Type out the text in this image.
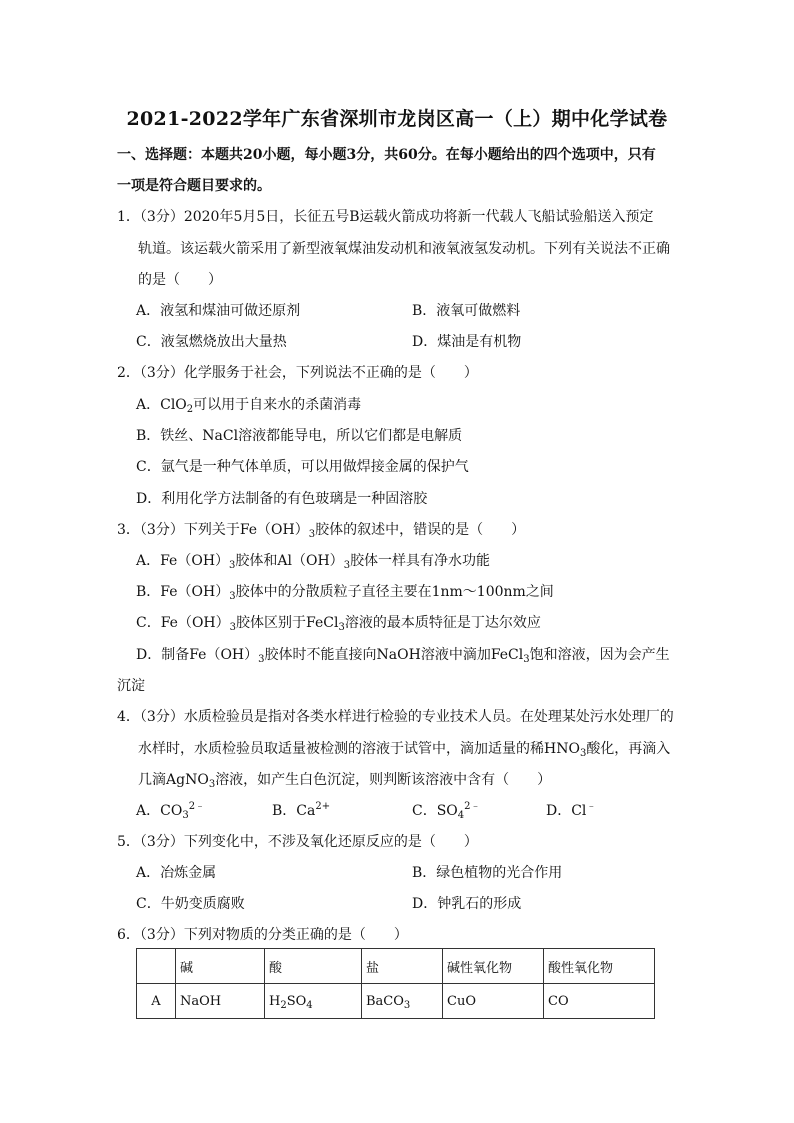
2021-2022学年广东省深圳市龙岗区高一（上）期中化学试卷
一、选择题：本题共20小题，每小题3分，共60分。在每小题给出的四个选项中，只有
一项是符合题目要求的。
1．（3分）2020年5月5日，长征五号B运载火箭成功将新一代载人飞船试验船送入预定
轨道。该运载火箭采用了新型液氧煤油发动机和液氧液氢发动机。下列有关说法不正确
的是（　　）
A．液氢和煤油可做还原剂	B．液氧可做燃料
C．液氢燃烧放出大量热	D．煤油是有机物
2．（3分）化学服务于社会，下列说法不正确的是（　　）
A．ClO$_2$可以用于自来水的杀菌消毒
B．铁丝、NaCl溶液都能导电，所以它们都是电解质
C．氩气是一种气体单质，可以用做焊接金属的保护气
D．利用化学方法制备的有色玻璃是一种固溶胶
3．（3分）下列关于$Fe(OH)_3$胶体的叙述中，错误的是（　　）
A．$Fe(OH)_3$胶体和$Al(OH)_3$胶体一样具有净水功能
B．$Fe(OH)_3$胶体中的分散质粒子直径主要在1nm～100nm之间
C．$Fe(OH)_3$胶体区别于FeCl$_3$溶液的最本质特征是丁达尔效应
D．制备$Fe(OH)_3$胶体时不能直接向NaOH溶液中滴加FeCl$_3$饱和溶液，因为会产生
沉淀
4．（3分）水质检验员是指对各类水样进行检验的专业技术人员。在处理某处污水处理厂的
水样时，水质检验员取适量被检测的溶液于试管中，滴加适量的稀$HNO_3$酸化，再滴入
几滴AgNO$_3$溶液，如产生白色沉淀，则判断该溶液中含有（　　）
A．$CO_3^{2﹣}$	B．$Ca^{2+}$	C．$SO_4^{2﹣}$	D．Cl﹣
5．（3分）下列变化中，不涉及氧化还原反应的是（　　）
A．冶炼金属	B．绿色植物的光合作用
C．牛奶变质腐败	D．钟乳石的形成
6．（3分）下列对物质的分类正确的是（　　）
	碱	酸	盐	碱性氧化物	酸性氧化物
A	NaOH	$H_2SO_4$	BaCO$_3$	CuO	CO
